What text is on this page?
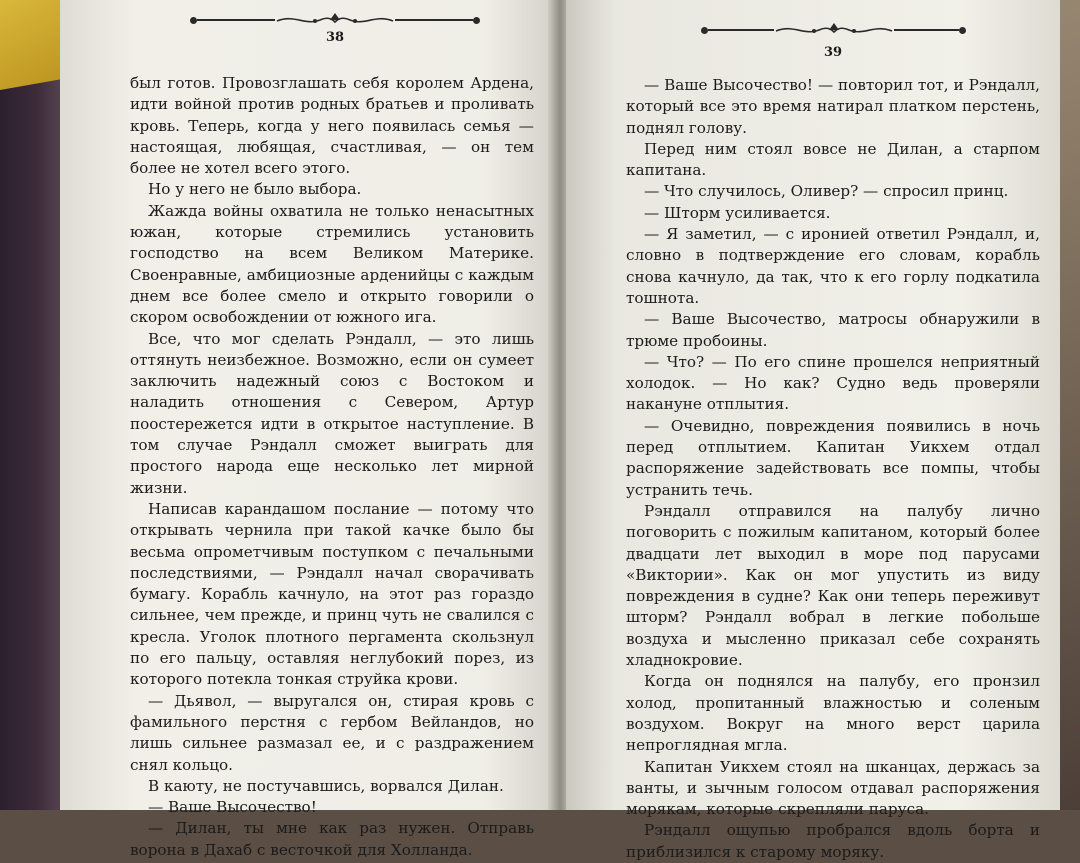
38

был готов. Провозглашать себя королем Ардена, идти войной против родных братьев и проливать кровь. Теперь, когда у него появилась семья — настоящая, любящая, счастливая, — он тем более не хотел всего этого.

Но у него не было выбора.

Жажда войны охватила не только ненасытных южан, которые стремились установить господство на всем Великом Материке. Своенравные, амбициозные арденийцы с каждым днем все более смело и открыто говорили о скором освобождении от южного ига.

Все, что мог сделать Рэндалл, — это лишь оттянуть неизбежное. Возможно, если он сумеет заключить надежный союз с Востоком и наладить отношения с Севером, Артур поостережется идти в открытое наступление. В том случае Рэндалл сможет выиграть для простого народа еще несколько лет мирной жизни.

Написав карандашом послание — потому что открывать чернила при такой качке было бы весьма опрометчивым поступком с печальными последствиями, — Рэндалл начал сворачивать бумагу. Корабль качнуло, на этот раз гораздо сильнее, чем прежде, и принц чуть не свалился с кресла. Уголок плотного пергамента скользнул по его пальцу, оставляя неглубокий порез, из которого потекла тонкая струйка крови.

— Дьявол, — выругался он, стирая кровь с фамильного перстня с гербом Вейландов, но лишь сильнее размазал ее, и с раздражением снял кольцо.

В каюту, не постучавшись, ворвался Дилан.

— Ваше Высочество!

— Дилан, ты мне как раз нужен. Отправь ворона в Дахаб с весточкой для Холланда.

39

— Ваше Высочество! — повторил тот, и Рэндалл, который все это время натирал платком перстень, поднял голову.

Перед ним стоял вовсе не Дилан, а старпом капитана.

— Что случилось, Оливер? — спросил принц.

— Шторм усиливается.

— Я заметил, — с иронией ответил Рэндалл, и, словно в подтверждение его словам, корабль снова качнуло, да так, что к его горлу подкатила тошнота.

— Ваше Высочество, матросы обнаружили в трюме пробоины.

— Что? — По его спине прошелся неприятный холодок. — Но как? Судно ведь проверяли накануне отплытия.

— Очевидно, повреждения появились в ночь перед отплытием. Капитан Уикхем отдал распоряжение задействовать все помпы, чтобы устранить течь.

Рэндалл отправился на палубу лично поговорить с пожилым капитаном, который более двадцати лет выходил в море под парусами «Виктории». Как он мог упустить из виду повреждения в судне? Как они теперь переживут шторм? Рэндалл вобрал в легкие побольше воздуха и мысленно приказал себе сохранять хладнокровие.

Когда он поднялся на палубу, его пронзил холод, пропитанный влажностью и соленым воздухом. Вокруг на много верст царила непроглядная мгла.

Капитан Уикхем стоял на шканцах, держась за ванты, и зычным голосом отдавал распоряжения морякам, которые скрепляли паруса.

Рэндалл ощупью пробрался вдоль борта и приблизился к старому моряку.
